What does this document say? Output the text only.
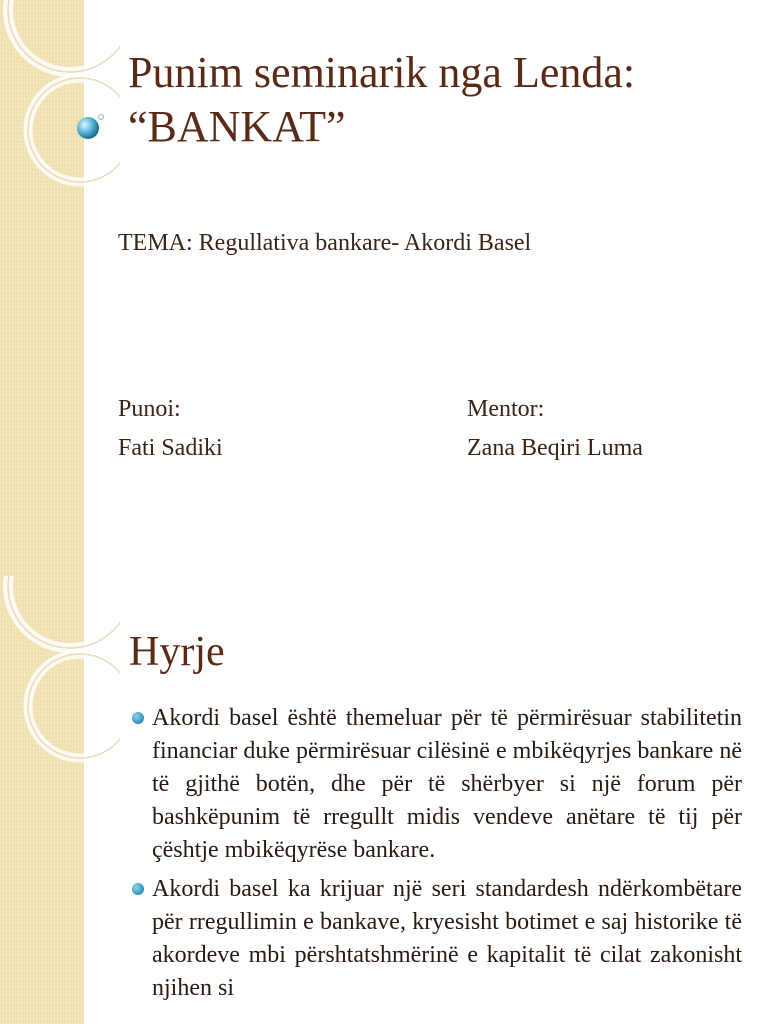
Punim seminarik nga Lenda:
“BANKAT”
TEMA: Regullativa bankare- Akordi Basel
Punoi:
Fati Sadiki
Mentor:
Zana Beqiri Luma
Hyrje
Akordi basel është themeluar për të përmirësuar stabilitetin financiar duke përmirësuar cilësinë e mbikëqyrjes bankare në të gjithë botën, dhe për të shërbyer si një forum për bashkëpunim të rregullt midis vendeve anëtare të tij për çështje mbikëqyrëse bankare.
Akordi basel ka krijuar një seri standardesh ndërkombëtare për rregullimin e bankave, kryesisht botimet e saj historike të akordeve mbi përshtatshmërinë e kapitalit të cilat zakonisht njihen si
